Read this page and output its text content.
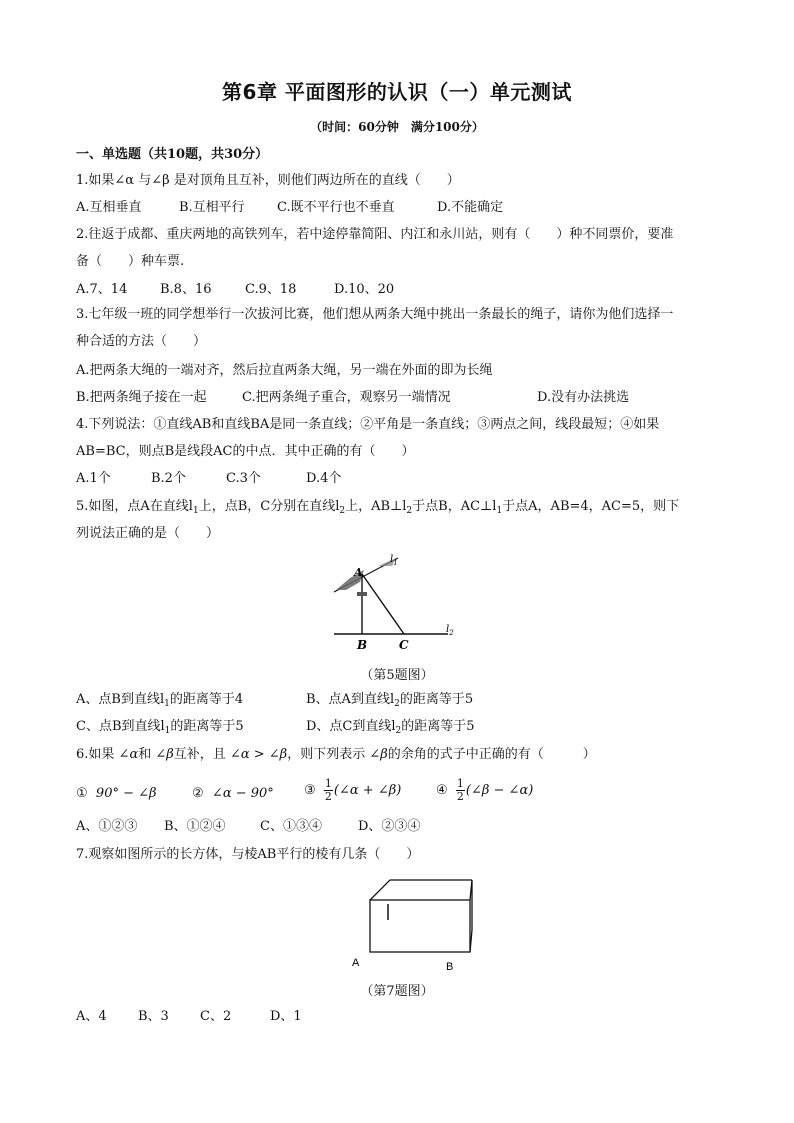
第6章 平面图形的认识（一）单元测试
（时间：60分钟　满分100分）
一、单选题（共10题，共30分）
1.如果∠α 与∠β 是对顶角且互补，则他们两边所在的直线（　　）
A.互相垂直	B.互相平行 C.既不平行也不垂直	D.不能确定
2.往返于成都、重庆两地的高铁列车，若中途停靠简阳、内江和永川站，则有（　　）种不同票价，要准
备（　　）种车票.
A.7、14	B.8、16	C.9、18	D.10、20
3.七年级一班的同学想举行一次拔河比赛，他们想从两条大绳中挑出一条最长的绳子，请你为他们选择一
种合适的方法（　　）
A.把两条大绳的一端对齐，然后拉直两条大绳，另一端在外面的即为长绳
B.把两条绳子接在一起	C.把两条绳子重合，观察另一端情况	D.没有办法挑选
4.下列说法：①直线AB和直线BA是同一条直线；②平角是一条直线；③两点之间，线段最短；④如果
AB=BC，则点B是线段AC的中点．其中正确的有（　　）
A.1个	B.2个	C.3个	D.4个
5.如图，点A在直线$l_1$上，点B，C分别在直线$l_2$上，$AB\perp l_2$于点B，$AC\perp l_1$于点A，AB=4，AC=5，则下
列说法正确的是（　　）
A
$l_1$
$l_2$
B	C
（第5题图）
A、点B到直线$l_1$的距离等于4	B、点A到直线$l_2$的距离等于5
C、点B到直线$l_1$的距离等于5	D、点C到直线$l_2$的距离等于5
6.如果 ∠α和 ∠β互补，且 ∠α > ∠β，则下列表示 ∠β的余角的式子中正确的有（　　　）
① 90° − ∠β	② ∠α − 90° ③ $\frac{1}{2}$ (∠α + ∠β)	④ $\frac{1}{2}$ (∠β − ∠α)
A、①②③ B、①②④	C、①③④	D、②③④
7.观察如图所示的长方体，与棱AB平行的棱有几条（　　）
A	B
（第7题图）
A、4 B、3 C、2	D、1
